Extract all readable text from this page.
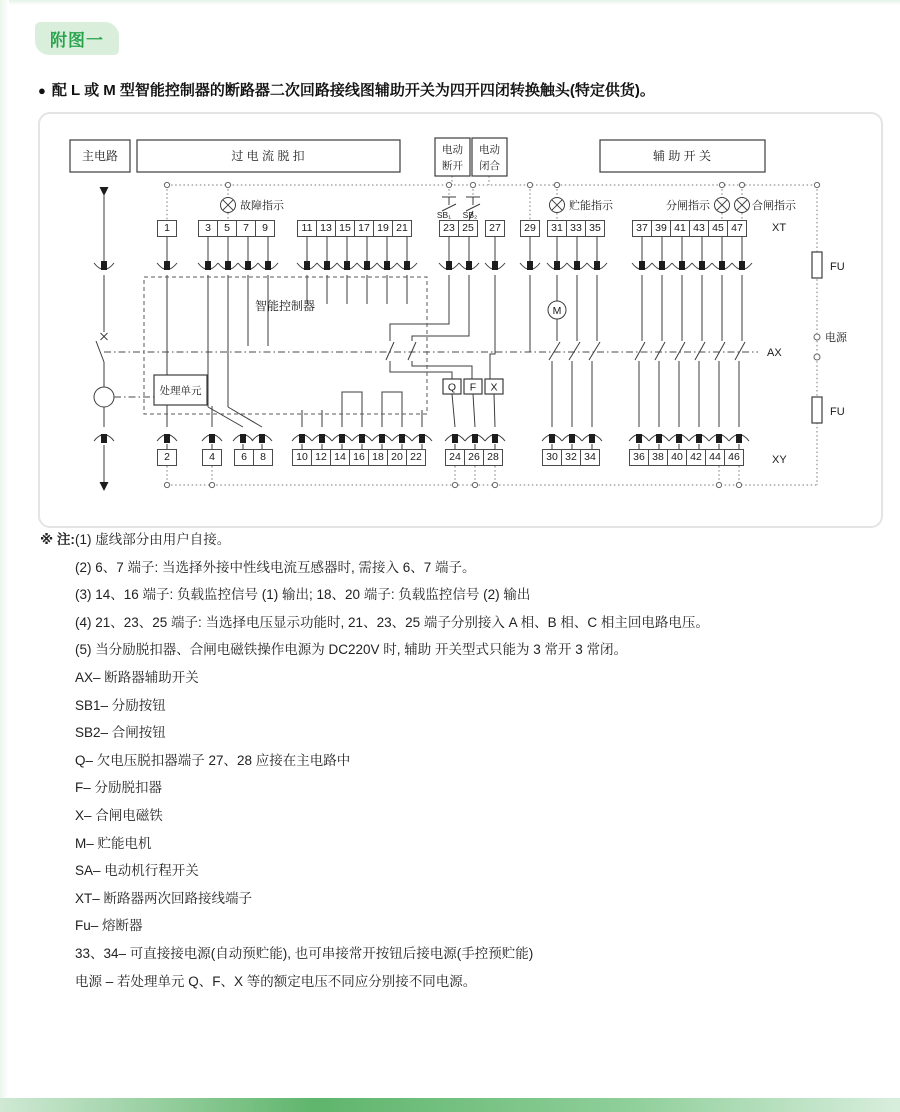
附图一
● 配 L 或 M 型智能控制器的断路器二次回路接线图辅助开关为四开四闭转换触头(特定供货)。
智能控制器
处理单元
主电路	过 电 流 脱 扣	电动
断开
电动
闭合
辅 助 开 关
故障指示	贮能指示	分闸指示	合闸指示
SB₁ SB₂
Q F X
M
FU
电源
FU
XT
AX
XY
1	3	5	7	9	11 13 15 17 19 21	23 25	27	29	31 33 35	37 39 41 43 45 47
2	4	6	8	10 12 14 16 18 20 22	24 26 28	30 32 34	36 38 40 42 44 46
※ 注: (1) 虚线部分由用户自接。
(2) 6、7 端子: 当选择外接中性线电流互感器时, 需接入 6、7 端子。
(3) 14、16 端子: 负载监控信号 (1) 输出; 18、20 端子: 负载监控信号 (2) 输出
(4) 21、23、25 端子: 当选择电压显示功能时, 21、23、25 端子分别接入 A 相、B 相、C 相主回电路电压。
(5) 当分励脱扣器、合闸电磁铁操作电源为 DC220V 时, 辅助 开关型式只能为 3 常开 3 常闭。
AX– 断路器辅助开关
SB1– 分励按钮
SB2– 合闸按钮
Q– 欠电压脱扣器端子 27、28 应接在主电路中
F– 分励脱扣器
X– 合闸电磁铁
M– 贮能电机
SA– 电动机行程开关
XT– 断路器两次回路接线端子
Fu– 熔断器
33、34– 可直接接电源(自动预贮能), 也可串接常开按钮后接电源(手控预贮能)
电源 – 若处理单元 Q、F、X 等的额定电压不同应分别接不同电源。
